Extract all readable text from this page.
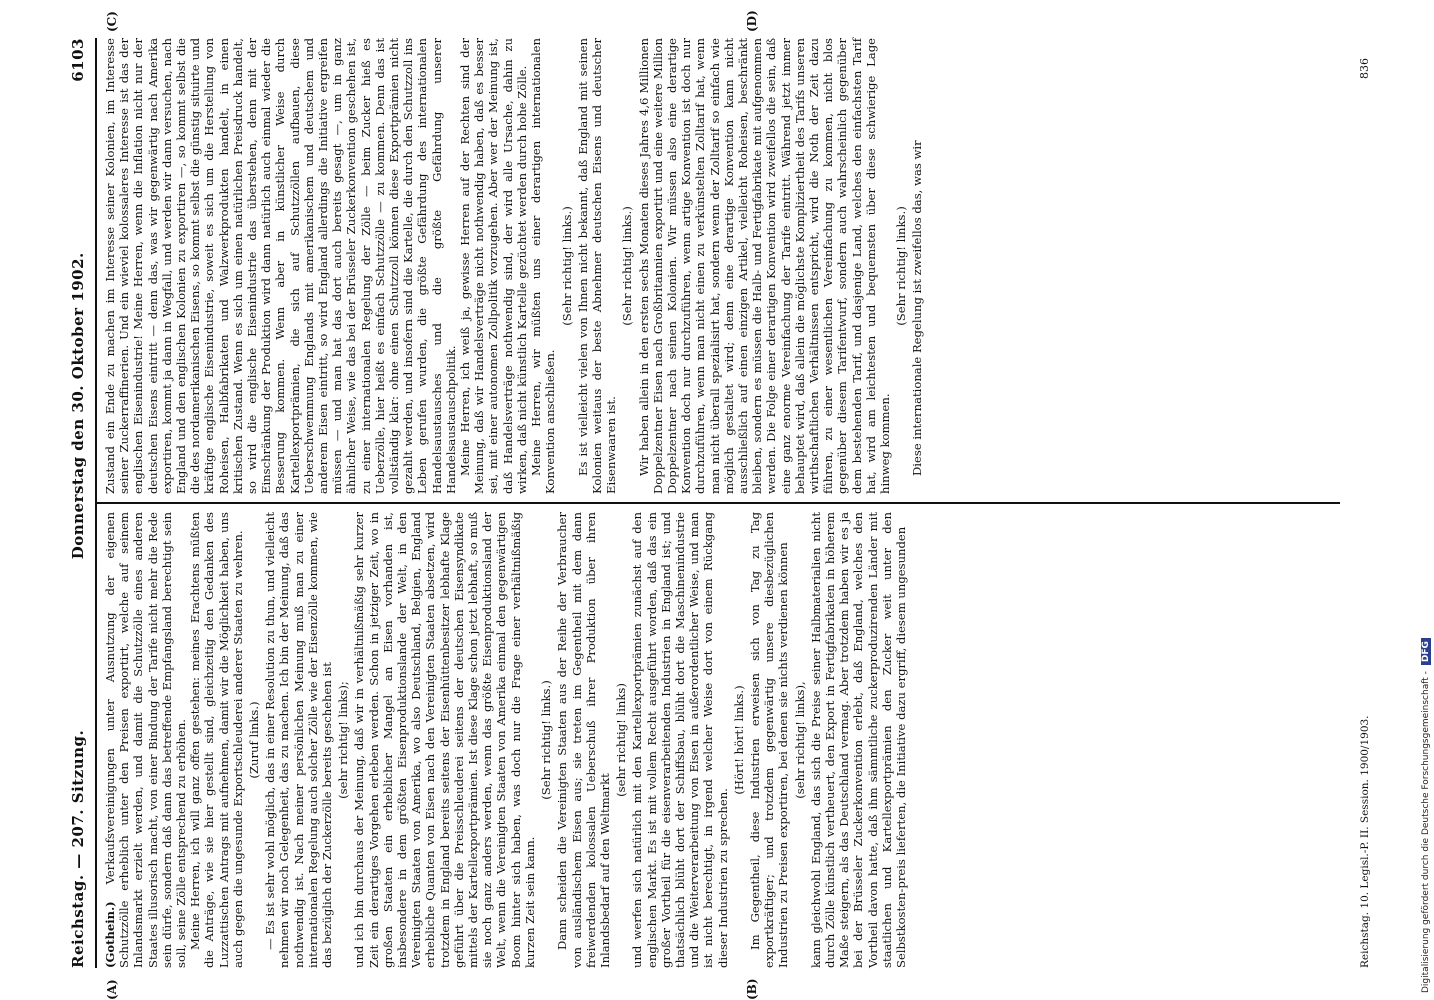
Reichstag. — 207. Sitzung.
Donnerstag den 30. Oktober 1902.
6103
(A)	(B)
(C)	(D)

(Gothein.) Verkaufsvereinigungen unter Ausnutzung der eigenen Schutzzölle erheblich unter den Preisen exportirt, welche auf seinem Inlandsmarkt erzielt werden, und damit die Schutzzölle eines anderen Staates illusorisch macht, von einer Bindung der Tarife nicht mehr die Rede sein dürfe, sondern daß dann das betreffende Empfangsland berechtigt sein soll, seine Zölle entsprechend zu erhöhen. Meine Herren, ich will ganz offen gestehen: meines Erachtens müßten die Anträge, wie sie hier gestellt sind, gleichzeitig den Gedanken des Luzzattischen Antrags mit aufnehmen, damit wir die Möglichkeit haben, uns auch gegen die ungesunde Exportschleuderei anderer Staaten zu wehren. (Zuruf links.) — Es ist sehr wohl möglich, das in einer Resolution zu thun, und vielleicht nehmen wir noch Gelegenheit, das zu machen. Ich bin der Meinung, daß das nothwendig ist. Nach meiner persönlichen Meinung muß man zu einer internationalen Regelung auch solcher Zölle wie der Eisenzölle kommen, wie das bezüglich der Zuckerzölle bereits geschehen ist (sehr richtig! links); und ich bin durchaus der Meinung, daß wir in verhältnißmäßig sehr kurzer Zeit ein derartiges Vorgehen erleben werden. Schon in jetziger Zeit, wo in großen Staaten ein erheblicher Mangel an Eisen vorhanden ist, insbesondere in dem größten Eisenproduktionslande der Welt, in den Vereinigten Staaten von Amerika, wo also Deutschland, Belgien, England erhebliche Quanten von Eisen nach den Vereinigten Staaten absetzen, wird trotzdem in England bereits seitens der Eisenhüttenbesitzer lebhafte Klage geführt über die Preisschleuderei seitens der deutschen Eisensyndikate mittels der Kartellexportprämien. Ist diese Klage schon jetzt lebhaft, so muß sie noch ganz anders werden, wenn das größte Eisenproduktionsland der Welt, wenn die Vereinigten Staaten von Amerika einmal den gegenwärtigen Boom hinter sich haben, was doch nur die Frage einer verhältnißmäßig kurzen Zeit sein kann.

(Sehr richtig! links.) Dann scheiden die Vereinigten Staaten aus der Reihe der Verbraucher von ausländischem Eisen aus; sie treten im Gegentheil mit dem dann freiwerdenden kolossalen Ueberschuß ihrer Produktion über ihren Inlandsbedarf auf den Weltmarkt

(sehr richtig! links) und werfen sich natürlich mit den Kartellexportprämien zunächst auf den englischen Markt. Es ist mit vollem Recht ausgeführt worden, daß das ein großer Vortheil für die eisenverarbeitenden Industrien in England ist; und thatsächlich blüht dort der Schiffsbau, blüht dort die Maschinenindustrie und die Weiterverarbeitung von Eisen in außerordentlicher Weise, und man ist nicht berechtigt, in irgend welcher Weise dort von einem Rückgang dieser Industrien zu sprechen.

(Hört! hört! links.) Im Gegentheil, diese Industrien erweisen sich von Tag zu Tag exportkräftiger; und trotzdem gegenwärtig unsere diesbezüglichen Industrien zu Preisen exportiren, bei denen sie nichts verdienen können (sehr richtig! links), kann gleichwohl England, das sich die Preise seiner Halbmaterialien nicht durch Zölle künstlich vertheuert, den Export in Fertigfabrikaten in höherem Maße steigern, als das Deutschland vermag. Aber trotzdem haben wir es ja bei der Brüsseler Zuckerkonvention erlebt, daß England, welches den Vortheil davon hatte, daß ihm sämmtliche zuckerproduzirenden Länder mit staatlichen und Kartellexportprämien den Zucker weit unter den Selbstkosten-preis lieferten, die Initiative dazu ergriff, diesem ungesunden

Zustand ein Ende zu machen im Interesse seiner Kolonien, im Interesse seiner Zuckerraffinerien. Und ein wieviel kolossaleres Interesse ist das der englischen Eisenindustrie! Meine Herren, wenn die Inflation nicht nur der deutschen Eisens eintritt — denn das, was wir gegenwärtig nach Amerika exportiren, kommt ja dann in Wegfall, und werden wir dann versuchen, nach England und den englischen Kolonien zu exportiren —, so kommt selbst die die des nordamerikanischen Eisens, so kommt selbst die günstig situirte und kräftige englische Eisenindustrie, soweit es sich um die Herstellung von Roheisen, Halbfabrikaten und Walzwerkprodukten handelt, in einen kritischen Zustand. Wenn es sich um einen natürlichen Preisdruck handelt, so wird die englische Eisenindustrie das überstehen, denn mit der Einschränkung der Produktion wird dann natürlich auch einmal wieder die Besserung kommen. Wenn aber in künstlicher Weise durch Kartellexportprämien, die sich auf Schutzzöllen aufbauen, diese Ueberschwemmung Englands mit amerikanischem und deutschem und anderem Eisen eintritt, so wird England allerdings die Initiative ergreifen müssen — und man hat das dort auch bereits gesagt —, um in ganz ähnlicher Weise, wie das bei der Brüsseler Zuckerkonvention geschehen ist, zu einer internationalen Regelung der Zölle — beim Zucker hieß es Ueberzölle, hier heißt es einfach Schutzzölle — zu kommen. Denn das ist vollständig klar: ohne einen Schutzzoll können diese Exportprämien nicht gezahlt werden, und insofern sind die Kartelle, die durch den Schutzzoll ins Leben gerufen wurden, die größte Gefährdung des internationalen Handelsaustausches und die größte Gefährdung unserer Handelsaustauschpolitik. Meine Herren, ich weiß ja, gewisse Herren auf der Rechten sind der Meinung, daß wir Handelsverträge nicht nothwendig haben, daß es besser sei, mit einer autonomen Zollpolitik vorzugehen. Aber wer der Meinung ist, daß Handelsverträge nothwendig sind, der wird alle Ursache, dahin zu wirken, daß nicht künstlich Kartelle gezüchtet werden durch hohe Zölle. Meine Herren, wir müßten uns einer derartigen internationalen Konvention anschließen.

(Sehr richtig! links.) Es ist vielleicht vielen von Ihnen nicht bekannt, daß England mit seinen Kolonien weitaus der beste Abnehmer deutschen Eisens und deutscher Eisenwaaren ist.

(Sehr richtig! links.) Wir haben allein in den ersten sechs Monaten dieses Jahres 4,6 Millionen Doppelzentner Eisen nach Großbritannien exportirt und eine weitere Million Doppelzentner nach seinen Kolonien. Wir müssen also eine derartige Konvention doch nur durchzuführen, wenn artige Konvention ist doch nur durchzuführen, wenn man nicht einen zu verkünstelten Zolltarif hat, wenn man nicht überall spezialisirt hat, sondern wenn der Zolltarif so einfach wie möglich gestaltet wird; denn eine derartige Konvention kann nicht ausschließlich auf einen einzigen Artikel, vielleicht Roheisen, beschränkt bleiben, sondern es müssen die Halb- und Fertigfabrikate mit aufgenommen werden. Die Folge einer derartigen Konvention wird zweifellos die sein, daß eine ganz enorme Vereinfachung der Tarife eintritt. Während jetzt immer behauptet wird, daß allein die möglichste Kompliziertheit des Tarifs unseren wirthschaftlichen Verhältnissen entspricht, wird die Noth der Zeit dazu führen, zu einer wesentlichen Vereinfachung zu kommen, nicht blos gegenüber diesem Tarifentwurf, sondern auch wahrscheinlich gegenüber dem bestehenden Tarif, und dasjenige Land, welches den einfachsten Tarif hat, wird am leichtesten und bequemsten über diese schwierige Lage hinweg kommen.

(Sehr richtig! links.) Diese internationale Regelung ist zweifellos das, was wir

Reichstag. 10. Legisl.-P. II. Session. 1900/1903.
836
Digitalisierung gefördert durch die Deutsche Forschungsgemeinschaft -DFG
